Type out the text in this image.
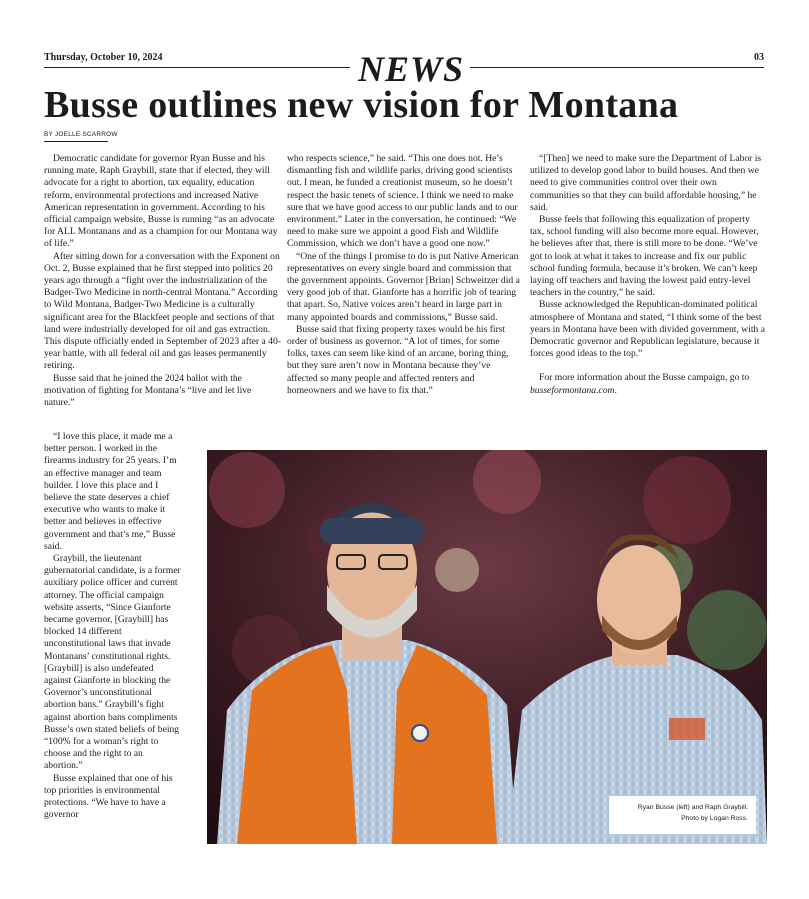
Thursday, October 10, 2024	NEWS	03
Busse outlines new vision for Montana
BY JOELLE SCARROW

Democratic candidate for governor Ryan Busse and his running mate, Raph Graybill, state that if elected, they will advocate for a right to abortion, tax equality, education reform, environmental protections and increased Native American representation in government. According to his official campaign website, Busse is running “as an advocate for ALL Montanans and as a champion for our Montana way of life.”

After sitting down for a conversation with the Exponent on Oct. 2, Busse explained that he first stepped into politics 20 years ago through a “fight over the industrialization of the Badger-Two Medicine in north-central Montana.” According to Wild Montana, Badger-Two Medicine is a culturally significant area for the Blackfeet people and sections of that land were industrially developed for oil and gas extraction. This dispute officially ended in September of 2023 after a 40-year battle, with all federal oil and gas leases permanently retiring.

Busse said that he joined the 2024 ballot with the motivation of fighting for Montana’s “live and let live nature.”

“I love this place, it made me a better person. I worked in the firearms industry for 25 years. I’m an effective manager and team builder. I love this place and I believe the state deserves a chief executive who wants to make it better and believes in effective government and that’s me,” Busse said.

Graybill, the lieutenant gubernatorial candidate, is a former auxiliary police officer and current attorney. The official campaign website asserts, “Since Gianforte became governor, [Graybill] has blocked 14 different unconstitutional laws that invade Montanans’ constitutional rights. [Graybill] is also undefeated against Gianforte in blocking the Governor’s unconstitutional abortion bans.” Graybill’s fight against abortion bans compliments Busse’s own stated beliefs of being “100% for a woman’s right to choose and the right to an abortion.”

Busse explained that one of his top priorities is environmental protections. “We have to have a governor

who respects science,” he said. “This one does not. He’s dismantling fish and wildlife parks, driving good scientists out. I mean, he funded a creationist museum, so he doesn’t respect the basic tenets of science. I think we need to make sure that we have good access to our public lands and to our environment.” Later in the conversation, he continued: “We need to make sure we appoint a good Fish and Wildlife Commission, which we don’t have a good one now.”

“One of the things I promise to do is put Native American representatives on every single board and commission that the government appoints. Governor [Brian] Schweitzer did a very good job of that. Gianforte has a horrific job of tearing that apart. So, Native voices aren’t heard in large part in many appointed boards and commissions,” Busse said.

Busse said that fixing property taxes would be his first order of business as governor. “A lot of times, for some folks, taxes can seem like kind of an arcane, boring thing, but they sure aren’t now in Montana because they’ve affected so many people and affected renters and homeowners and we have to fix that.”

“[Then] we need to make sure the Department of Labor is utilized to develop good labor to build houses. And then we need to give communities control over their own communities so that they can build affordable housing,” he said.

Busse feels that following this equalization of property tax, school funding will also become more equal. However, he believes after that, there is still more to be done. “We’ve got to look at what it takes to increase and fix our public school funding formula, because it’s broken. We can’t keep laying off teachers and having the lowest paid entry-level teachers in the country,” he said.

Busse acknowledged the Republican-dominated political atmosphere of Montana and stated, “I think some of the best years in Montana have been with divided government, with a Democratic governor and Republican legislature, because it forces good ideas to the top.”

For more information about the Busse campaign, go to busseformontana.com.

Ryan Busse (left) and Raph Graybill.
Photo by Logan Ross.
